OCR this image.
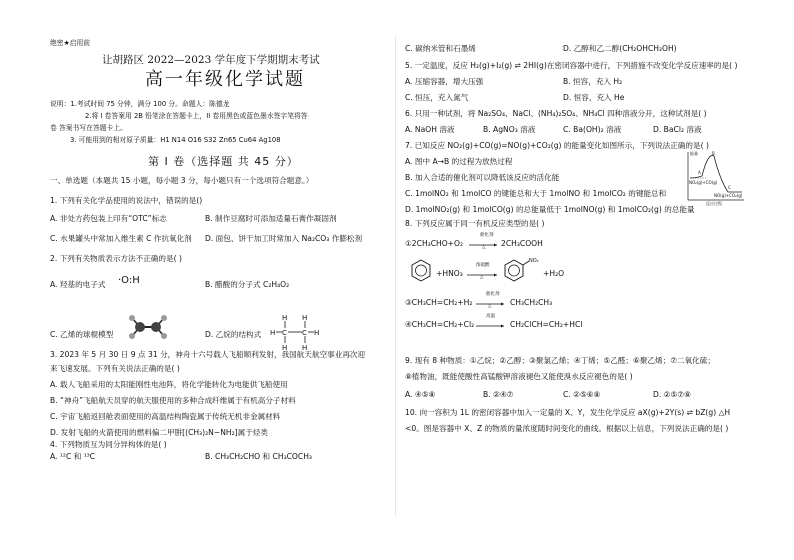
绝密★启用前
让胡路区 2022—2023 学年度下学期期末考试
高一年级化学试题
说明：1.考试时间 75 分钟，满分 100 分。命题人：陈德龙
2.将 I 卷答案用 2B 铅笔涂在答题卡上，II 卷用黑色或蓝色墨水签字笔将答
卷 答案书写在答题卡上。
3. 可能用到的相对原子质量：H1 N14 O16 S32 Zn65 Cu64 Ag108
第 I 卷（选择题 共 45 分）
一、单选题（本题共 15 小题，每小题 3 分，每小题只有一个选项符合题意。）
1. 下列有关化学品使用的说法中，错误的是()
A. 非处方药包装上印有“OTC”标志	B. 制作豆腐时可添加适量石膏作凝固剂
C. 水果罐头中常加入维生素 C 作抗氧化剂 D. 面包、饼干加工时常加入 Na₂CO₃ 作膨松剂
2. 下列有关物质表示方法不正确的是( )
A. 羟基的电子式 ·O:H	B. 醋酸的分子式 C₂H₄O₂
C. 乙烯的球棍模型	D. 乙烷的结构式
H H
H C C H
H H
3. 2023 年 5 月 30 日 9 点 31 分，神舟十六号载人飞船顺利发射，我国航天航空事业再次迎
来飞速发展。下列有关说法正确的是( )
A. 载人飞船采用的太阳能刚性电池阵，将化学能转化为电能供飞船使用
B. “神舟”飞船航天员穿的航天服使用的多种合成纤维属于有机高分子材料
C. 宇宙飞船返回舱表面使用的高温结构陶瓷属于传统无机非金属材料
D. 发射飞船的火箭使用的燃料偏二甲肼[(CH₃)₂N−NH₂]属于烃类
4. 下列物质互为同分异构体的是( )
A. ¹²C 和 ¹³C	B. CH₃CH₂CHO 和 CH₃COCH₃
C. 碳纳米管和石墨烯	D. 乙醇和乙二醇(CH₂OHCH₂OH)
5. 一定温度，反应 H₂(g)+I₂(g) ⇌ 2HI(g)在密闭容器中进行，下列措施不改变化学反应速率的是( )
A. 压缩容器，增大压强	B. 恒容，充入 H₂
C. 恒压，充入氮气	D. 恒容，充入 He
6. 只用一种试剂，将 Na₂SO₄、NaCl、(NH₄)₂SO₄、NH₄Cl 四种溶液分开，这种试剂是( )
A. NaOH 溶液	B. AgNO₃ 溶液	C. Ba(OH)₂ 溶液	D. BaCl₂ 溶液
7. 已知反应 NO₂(g)+CO(g)=NO(g)+CO₂(g) 的能量变化如图所示，下列说法正确的是( )
A. 图中 A→B 的过程为放热过程
B. 加入合适的催化剂可以降低该反应的活化能
C. 1molNO₂ 和 1molCO 的键能总和大于 1molNO 和 1molCO₂ 的键能总和
D. 1molNO₂(g) 和 1molCO(g) 的总能量低于 1molNO(g) 和 1molCO₂(g) 的总能量
能量
A
B
C
NO₂(g)+CO(g)
NO(g)+CO₂(g)
反应过程
8. 下列反应属于同一有机反应类型的是( )
①2CH₃CHO+O₂
催化剂
△ 2CH₃COOH
+HNO₃
浓硫酸
△
NO₂
+H₂O
③CH₃CH=CH₂+H₂
催化剂
△ CH₃CH₂CH₃
④CH₃CH=CH₂+Cl₂
高温
→ CH₂ClCH=CH₂+HCl
9. 现有 8 种物质：①乙烷；②乙醇；③聚氯乙烯；④丁烯；⑤乙醛；⑥聚乙烯；⑦二氧化硫；
⑧植物油，既能使酸性高锰酸钾溶液褪色又能使溴水反应褪色的是( )
A. ④⑤⑧	B. ②④⑦	C. ②⑤⑥⑧	D. ②⑤⑦⑧
10. 向一容积为 1L 的密闭容器中加入一定量的 X、Y，发生化学反应 aX(g)+2Y(s) ⇌ bZ(g) △H
<0。图是容器中 X、Z 的物质的量浓度随时间变化的曲线。根据以上信息，下列说法正确的是( )
